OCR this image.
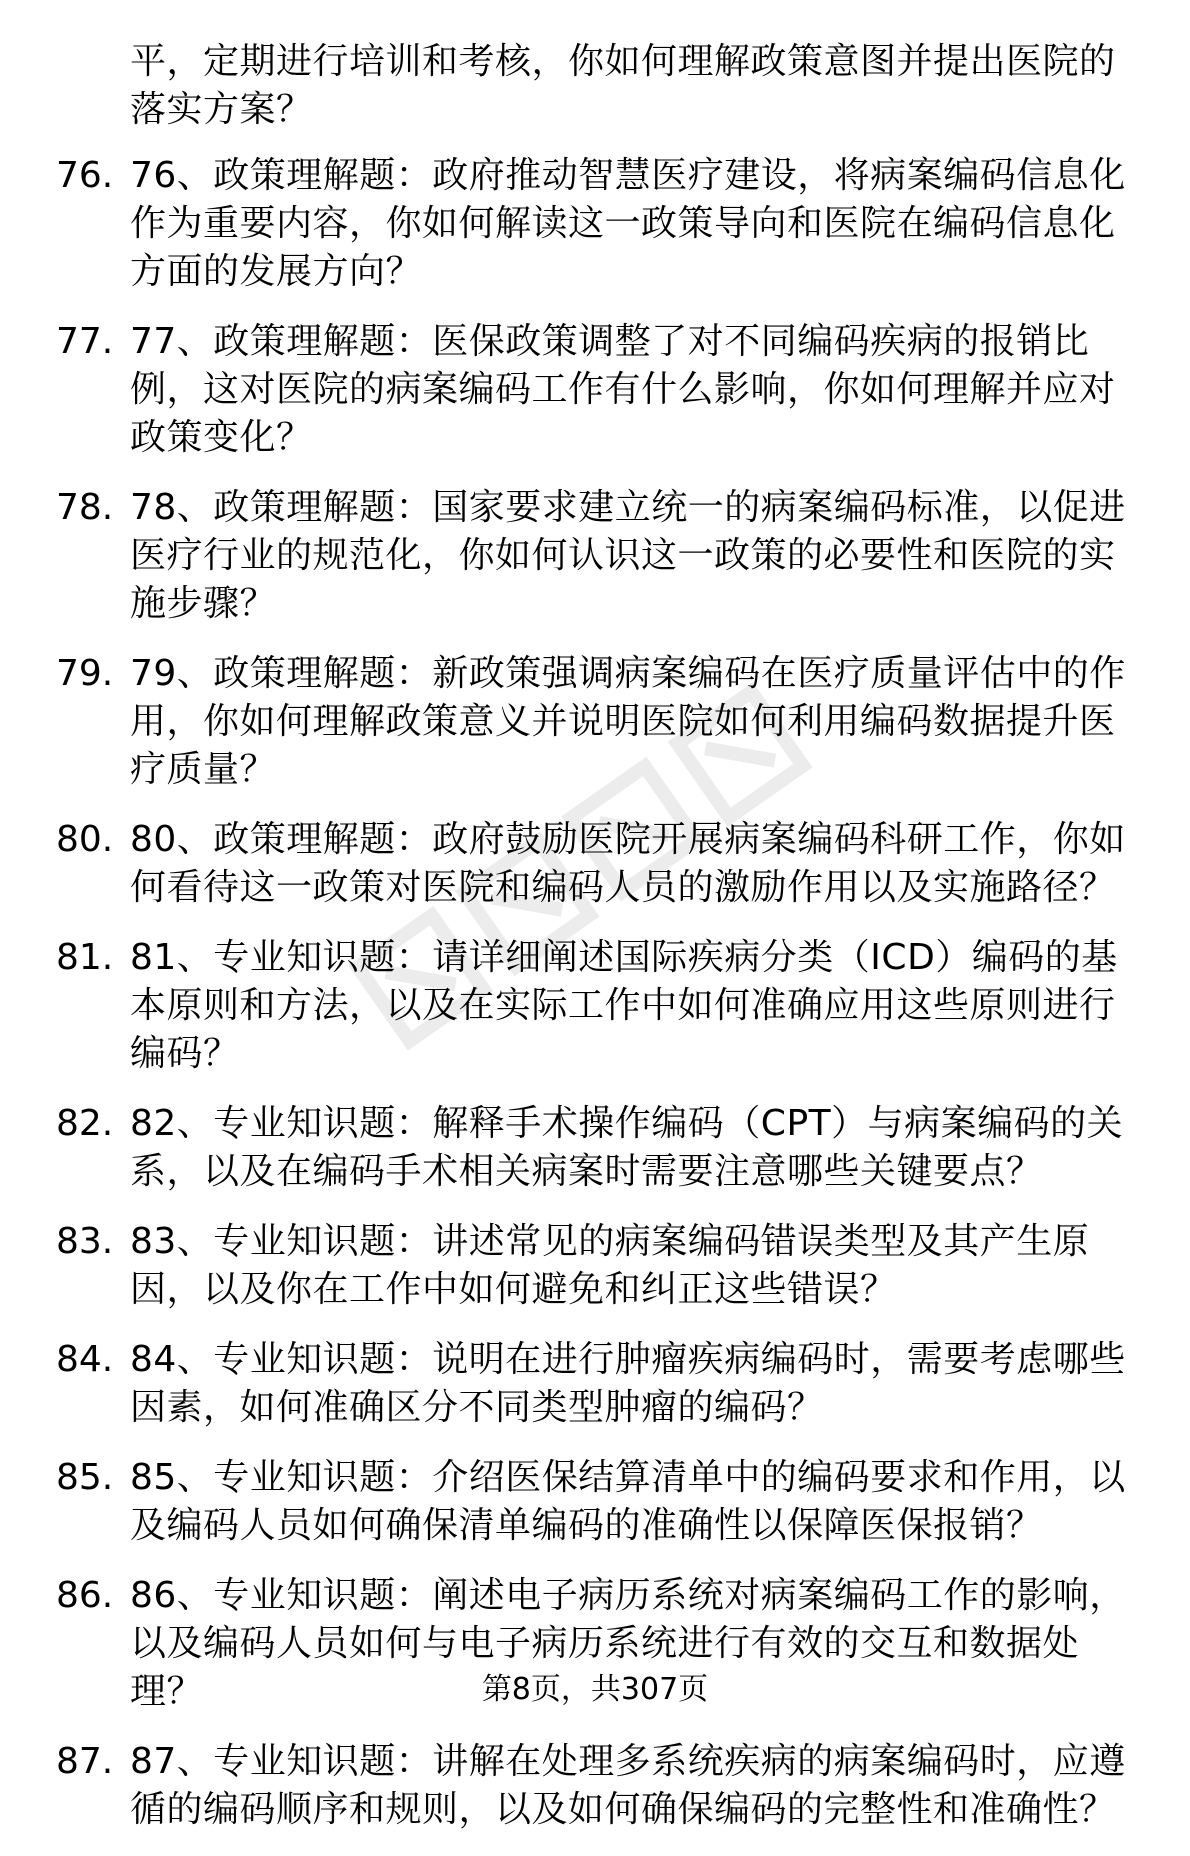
平，定期进行培训和考核，你如何理解政策意图并提出医院的落实方案？
76. 76、政策理解题：政府推动智慧医疗建设，将病案编码信息化作为重要内容，你如何解读这一政策导向和医院在编码信息化方面的发展方向？
77. 77、政策理解题：医保政策调整了对不同编码疾病的报销比例，这对医院的病案编码工作有什么影响，你如何理解并应对政策变化？
78. 78、政策理解题：国家要求建立统一的病案编码标准，以促进医疗行业的规范化，你如何认识这一政策的必要性和医院的实施步骤？
79. 79、政策理解题：新政策强调病案编码在医疗质量评估中的作用，你如何理解政策意义并说明医院如何利用编码数据提升医疗质量？
80. 80、政策理解题：政府鼓励医院开展病案编码科研工作，你如何看待这一政策对医院和编码人员的激励作用以及实施路径？
81. 81、专业知识题：请详细阐述国际疾病分类（ICD）编码的基本原则和方法，以及在实际工作中如何准确应用这些原则进行编码？
82. 82、专业知识题：解释手术操作编码（CPT）与病案编码的关系，以及在编码手术相关病案时需要注意哪些关键要点？
83. 83、专业知识题：讲述常见的病案编码错误类型及其产生原因，以及你在工作中如何避免和纠正这些错误？
84. 84、专业知识题：说明在进行肿瘤疾病编码时，需要考虑哪些因素，如何准确区分不同类型肿瘤的编码？
85. 85、专业知识题：介绍医保结算清单中的编码要求和作用，以及编码人员如何确保清单编码的准确性以保障医保报销？
86. 86、专业知识题：阐述电子病历系统对病案编码工作的影响，以及编码人员如何与电子病历系统进行有效的交互和数据处理？
87. 87、专业知识题：讲解在处理多系统疾病的病案编码时，应遵循的编码顺序和规则，以及如何确保编码的完整性和准确性？
第8页，共307页
